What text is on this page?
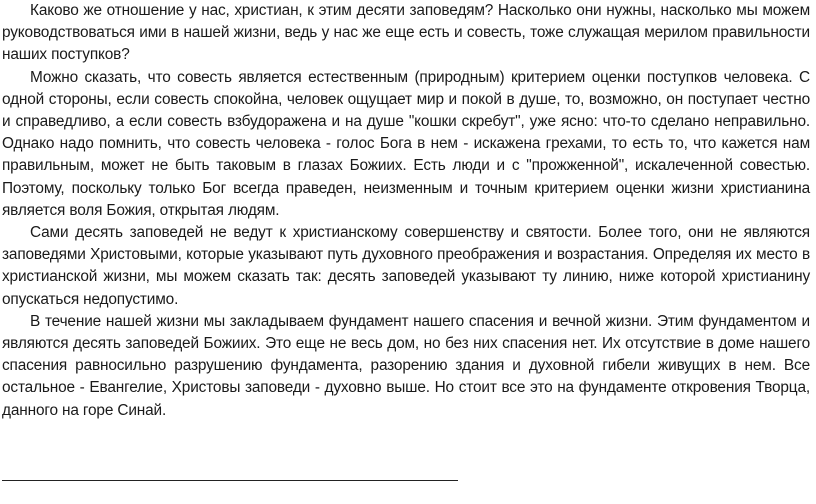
Каково же отношение у нас, христиан, к этим десяти заповедям? Насколько они нужны, насколько мы можем руководствоваться ими в нашей жизни, ведь у нас же еще есть и совесть, тоже служащая мерилом правильности наших поступков?

Можно сказать, что совесть является естественным (природным) критерием оценки поступков человека. С одной стороны, если совесть спокойна, человек ощущает мир и покой в душе, то, возможно, он поступает честно и справедливо, а если совесть взбудоражена и на душе "кошки скребут", уже ясно: что-то сделано неправильно. Однако надо помнить, что совесть человека - голос Бога в нем - искажена грехами, то есть то, что кажется нам правильным, может не быть таковым в глазах Божиих. Есть люди и с "прожженной", искалеченной совестью. Поэтому, поскольку только Бог всегда праведен, неизменным и точным критерием оценки жизни христианина является воля Божия, открытая людям.

Сами десять заповедей не ведут к христианскому совершенству и святости. Более того, они не являются заповедями Христовыми, которые указывают путь духовного преображения и возрастания. Определяя их место в христианской жизни, мы можем сказать так: десять заповедей указывают ту линию, ниже которой христианину опускаться недопустимо.

В течение нашей жизни мы закладываем фундамент нашего спасения и вечной жизни. Этим фундаментом и являются десять заповедей Божиих. Это еще не весь дом, но без них спасения нет. Их отсутствие в доме нашего спасения равносильно разрушению фундамента, разорению здания и духовной гибели живущих в нем. Все остальное - Евангелие, Христовы заповеди - духовно выше. Но стоит все это на фундаменте откровения Творца, данного на горе Синай.
